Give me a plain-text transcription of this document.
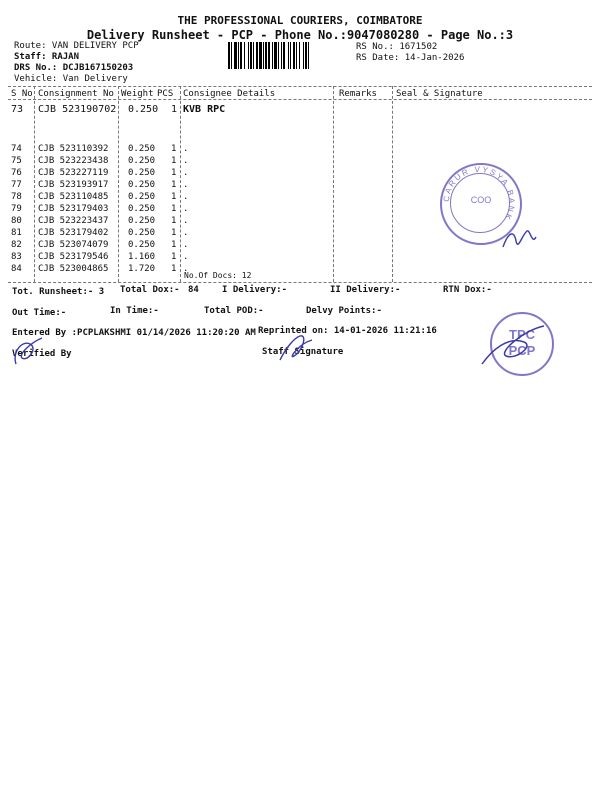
THE PROFESSIONAL COURIERS, COIMBATORE
Delivery Runsheet - PCP - Phone No.:9047080280 - Page No.:3
Route: VAN DELIVERY PCP
Staff: RAJAN
DRS No.: DCJB167150203
Vehicle: Van Delivery
RS No.: 1671502
RS Date: 14-Jan-2026
S No Consignment No Weight PCS Consignee Details	Remarks Seal & Signature
73 CJB 523190702 0.250 1 KVB RPC
74 CJB 523110392 0.250 1 .
75 CJB 523223438 0.250 1 .
76 CJB 523227119 0.250 1 .
77 CJB 523193917 0.250 1 .
78 CJB 523110485 0.250 1 .
79 CJB 523179403 0.250 1 .
80 CJB 523223437 0.250 1 .
81 CJB 523179402 0.250 1 .
82 CJB 523074079 0.250 1 .
83 CJB 523179546 1.160 1 .
84 CJB 523004865 1.720 1 .
No.Of Docs: 12
Tot. Runsheet:- 3 Total Dox:- 84	I Delivery:-	II Delivery:-	RTN Dox:-
Out Time:-	In Time:-	Total POD:-	Delvy Points:-
Entered By :PCPLAKSHMI 01/14/2026 11:20:20 AM Reprinted on: 14-01-2026 11:21:16
Verified By	Staff Signature
CARUR VYSYA BANK
COO
TPC
PCP
